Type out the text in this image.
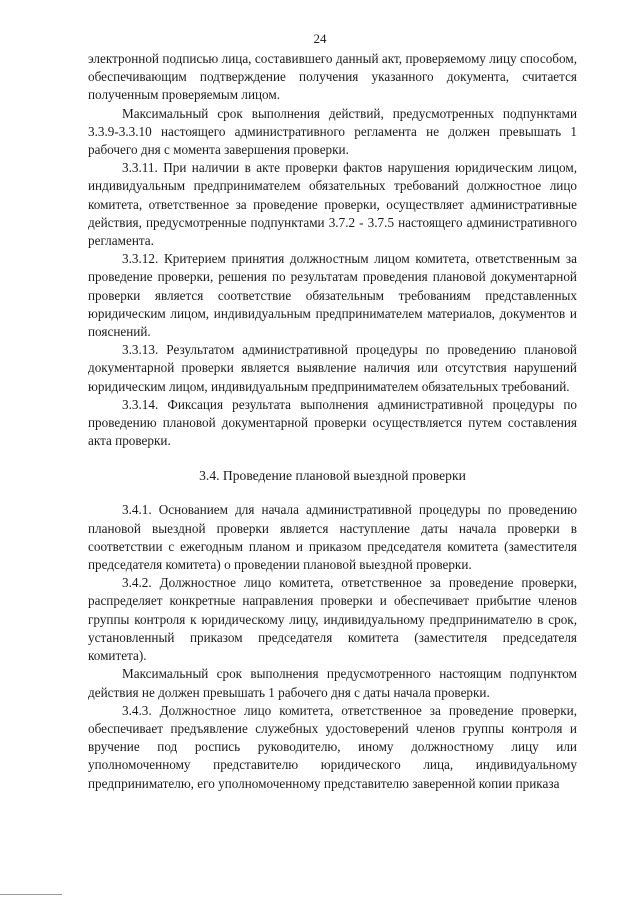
24

электронной подписью лица, составившего данный акт, проверяемому лицу способом, обеспечивающим подтверждение получения указанного документа, считается полученным проверяемым лицом.

Максимальный срок выполнения действий, предусмотренных подпунктами 3.3.9-3.3.10 настоящего административного регламента не должен превышать 1 рабочего дня с момента завершения проверки.

3.3.11. При наличии в акте проверки фактов нарушения юридическим лицом, индивидуальным предпринимателем обязательных требований должностное лицо комитета, ответственное за проведение проверки, осуществляет административные действия, предусмотренные подпунктами 3.7.2 - 3.7.5 настоящего административного регламента.

3.3.12. Критерием принятия должностным лицом комитета, ответственным за проведение проверки, решения по результатам проведения плановой документарной проверки является соответствие обязательным требованиям представленных юридическим лицом, индивидуальным предпринимателем материалов, документов и пояснений.

3.3.13. Результатом административной процедуры по проведению плановой документарной проверки является выявление наличия или отсутствия нарушений юридическим лицом, индивидуальным предпринимателем обязательных требований.

3.3.14. Фиксация результата выполнения административной процедуры по проведению плановой документарной проверки осуществляется путем составления акта проверки.

3.4. Проведение плановой выездной проверки

3.4.1. Основанием для начала административной процедуры по проведению плановой выездной проверки является наступление даты начала проверки в соответствии с ежегодным планом и приказом председателя комитета (заместителя председателя комитета) о проведении плановой выездной проверки.

3.4.2. Должностное лицо комитета, ответственное за проведение проверки, распределяет конкретные направления проверки и обеспечивает прибытие членов группы контроля к юридическому лицу, индивидуальному предпринимателю в срок, установленный приказом председателя комитета (заместителя председателя комитета).

Максимальный срок выполнения предусмотренного настоящим подпунктом действия не должен превышать 1 рабочего дня с даты начала проверки.

3.4.3. Должностное лицо комитета, ответственное за проведение проверки, обеспечивает предъявление служебных удостоверений членов группы контроля и вручение под роспись руководителю, иному должностному лицу или уполномоченному представителю юридического лица, индивидуальному предпринимателю, его уполномоченному представителю заверенной копии приказа
